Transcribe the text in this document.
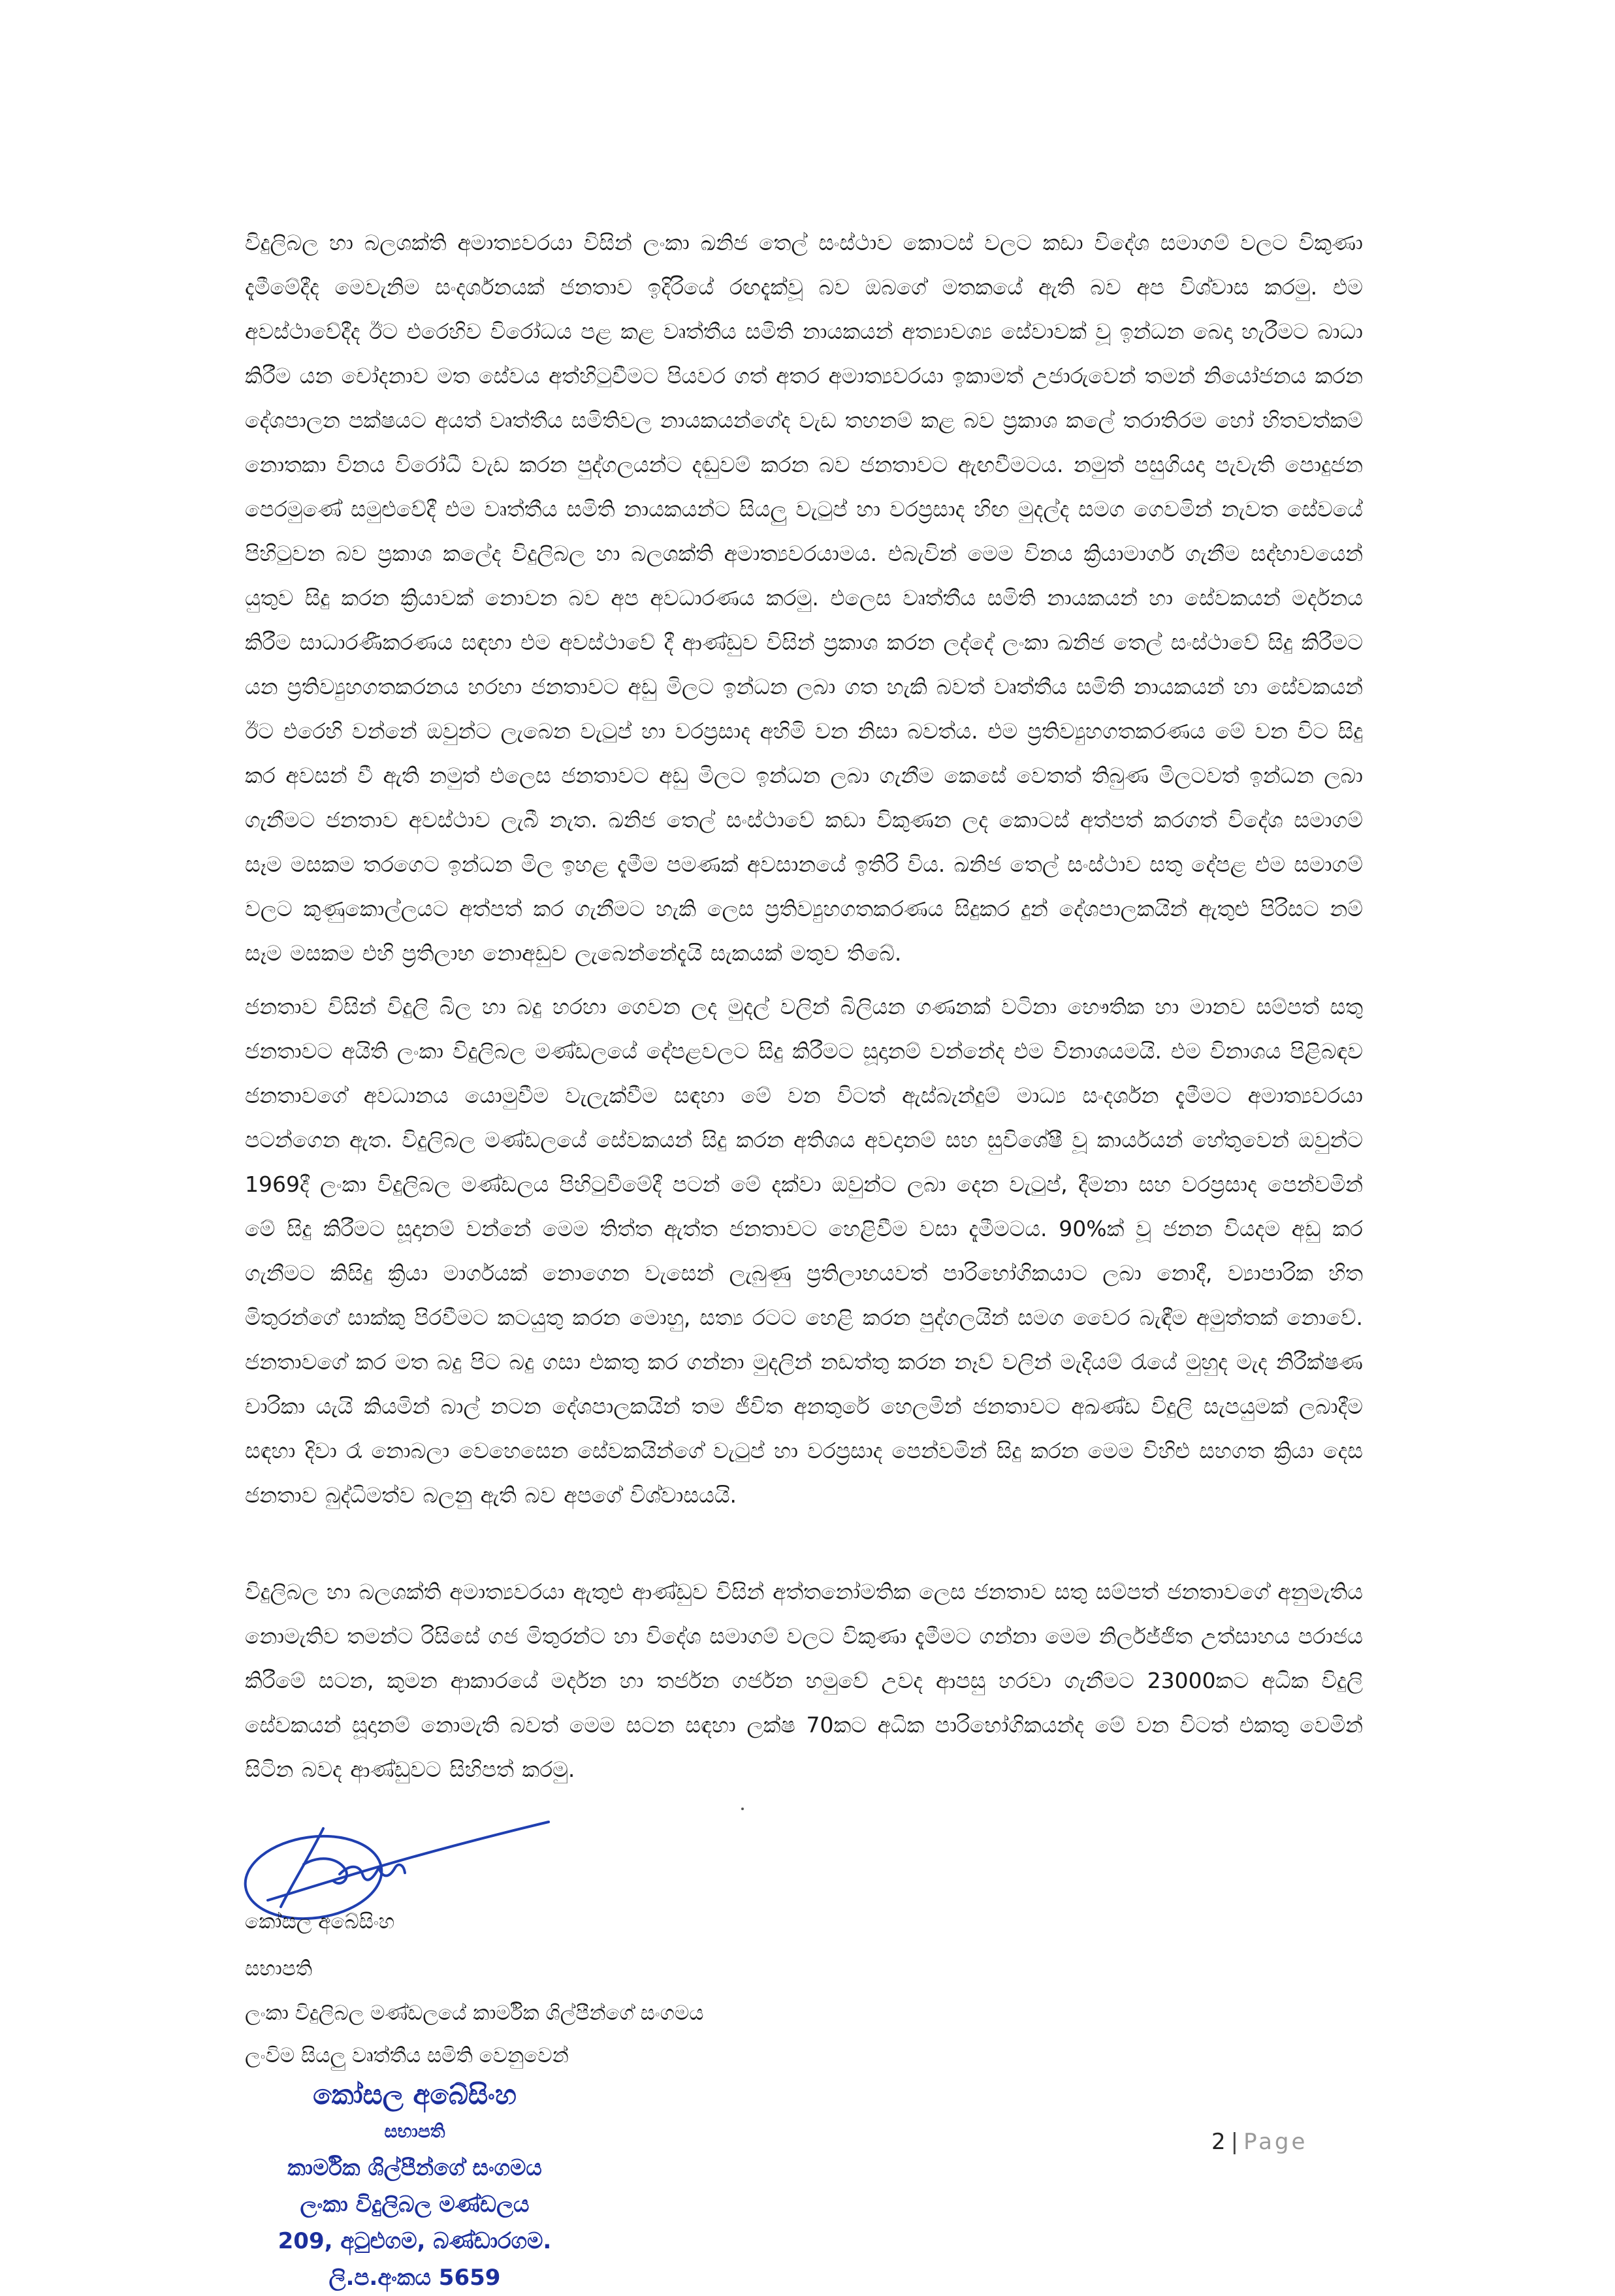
විදුලිබල හා බලශක්ති අමාත්‍යවරයා විසින් ලංකා ඛනිජ තෙල් සංස්ථාව කොටස් වලට කඩා විදේශ සමාගම් වලට විකුණා දැමීමේදීද මෙවැනිම සංදර්ශනයක් ජනතාව ඉදිරියේ රඟදැක්වූ බව ඔබගේ මතකයේ ඇති බව අප විශ්වාස කරමු. එම අවස්ථාවේදීද ඊට එරෙහිව විරෝධය පළ කළ වෘත්තීය සමිති නායකයන් අත්‍යාවශ්‍ය සේවාවක් වූ ඉන්ධන බෙදා හැරීමට බාධා කිරීම යන චෝදනාව මත සේවය අත්හිටුවීමට පියවර ගත් අතර අමාත්‍යවරයා ඉකාමත් උජාරුවෙන් තමන් නියෝජනය කරන දේශපාලන පක්ෂයට අයත් වෘත්තීය සමිතිවල නායකයන්ගේද වැඩ තහනම් කළ බව ප්‍රකාශ කලේ තරාතිරම හෝ හිතවත්කම් නොතකා විනය විරෝධී වැඩ කරන පුද්ගලයන්ට දඬුවම් කරන බව ජනතාවට ඇඟවීමටය. නමුත් පසුගියදා පැවැති පොදුජන පෙරමුණේ සමුළුවේදී එම වෘත්තීය සමිති නායකයන්ට සියලු වැටුප් හා වරප්‍රසාද හිඟ මුදල්ද සමග ගෙවමින් නැවත සේවයේ පිහිටුවන බව ප්‍රකාශ කලේද විදුලිබල හා බලශක්ති අමාත්‍යවරයාමය. එබැවින් මෙම විනය ක්‍රියාමාර්ග ගැනීම සද්භාවයෙන් යුතුව සිදු කරන ක්‍රියාවක් නොවන බව අප අවධාරණය කරමු. එලෙස වෘත්තීය සමිති නායකයන් හා සේවකයන් මර්දනය කිරීම සාධාරණීකරණය සඳහා එම අවස්ථාවේ දී ආණ්ඩුව විසින් ප්‍රකාශ කරන ලද්දේ ලංකා ඛනිජ තෙල් සංස්ථාවේ සිදු කිරීමට යන ප්‍රතිව්‍යුහගතකරනය හරහා ජනතාවට අඩු මිලට ඉන්ධන ලබා ගත හැකි බවත් වෘත්තීය සමිති නායකයන් හා සේවකයන් ඊට එරෙහි වන්නේ ඔවුන්ට ලැබෙන වැටුප් හා වරප්‍රසාද අහිමි වන නිසා බවත්ය. එම ප්‍රතිව්‍යුහගතකරණය මේ වන විට සිදු කර අවසන් වී ඇති නමුත් එලෙස ජනතාවට අඩු මිලට ඉන්ධන ලබා ගැනීම කෙසේ වෙතත් තිබුණ මිලටවත් ඉන්ධන ලබා ගැනීමට ජනතාව අවස්ථාව ලැබී නැත. ඛනිජ තෙල් සංස්ථාවේ කඩා විකුණන ලද කොටස් අත්පත් කරගත් විදේශ සමාගම් සෑම මසකම තරගෙට ඉන්ධන මිල ඉහළ දැමීම පමණක් අවසානයේ ඉතිරි විය. ඛනිජ තෙල් සංස්ථාව සතු දේපළ එම සමාගම් වලට කුණුකොල්ලයට අත්පත් කර ගැනීමට හැකි ලෙස ප්‍රතිව්‍යුහගතකරණය සිදුකර දුන් දේශපාලකයින් ඇතුළු පිරිසට නම් සෑම මසකම එහි ප්‍රතිලාභ නොඅඩුව ලැබෙන්නේදැයි සැකයක් මතුව තිබේ.

ජනතාව විසින් විදුලි බිල හා බදු හරහා ගෙවන ලද මුදල් වලින් බිලියන ගණනක් වටිනා භෞතික හා මානව සම්පත් සතු ජනතාවට අයිති ලංකා විදුලිබල මණ්ඩලයේ දේපළවලට සිදු කිරීමට සූදානම් වන්නේද එම විනාශයමයි. එම විනාශය පිළිබඳව ජනතාවගේ අවධානය යොමුවීම වැලැක්වීම සඳහා මේ වන විටත් ඇස්බැන්දුම් මාධ්‍ය සංදර්ශන දැමීමට අමාත්‍යවරයා පටන්ගෙන ඇත. විදුලිබල මණ්ඩලයේ සේවකයන් සිදු කරන අතිශය අවදානම් සහ සුවිශේෂී වූ කාර්යයන් හේතුවෙන් ඔවුන්ට 1969දී ලංකා විදුලිබල මණ්ඩලය පිහිටුවීමේදී පටන් මේ දක්වා ඔවුන්ට ලබා දෙන වැටුප්, දීමනා සහ වරප්‍රසාද පෙන්වමින් මේ සිදු කිරීමට සූදානම් වන්නේ මෙම තිත්ත ඇත්ත ජනතාවට හෙළිවීම වසා දැමීමටය. 90%ක් වූ ජනන වියදම අඩු කර ගැනීමට කිසිදු ක්‍රියා මාර්ගයක් නොගෙන වැසෙන් ලැබුණු ප්‍රතිලාභයවත් පාරිභෝගිකයාට ලබා නොදී, ව්‍යාපාරික හිත මිතුරන්ගේ සාක්කු පිරවීමට කටයුතු කරන මොහු, සත්‍ය රටට හෙළි කරන පුද්ගලයින් සමග වෛර බැඳීම අමුත්තක් නොවේ. ජනතාවගේ කර මත බදු පිට බදු ගසා එකතු කර ගන්නා මුදලින් නඩත්තු කරන නෑව් වලින් මැදියම් රැයේ මුහුද මැද නිරීක්ෂණ චාරිකා යැයි කියමින් බාල් නටන දේශපාලකයින් තම ජීවිත අනතුරේ හෙලමින් ජනතාවට අඛණ්ඩ විදුලි සැපයුමක් ලබාදීම සඳහා දිවා රෑ නොබලා වෙහෙසෙන සේවකයින්ගේ වැටුප් හා වරප්‍රසාද පෙන්වමින් සිදු කරන මෙම විහිළු සහගත ක්‍රියා දෙස ජනතාව බුද්ධිමත්ව බලනු ඇති බව අපගේ විශ්වාසයයි.

විදුලිබල හා බලශක්ති අමාත්‍යවරයා ඇතුළු ආණ්ඩුව විසින් අත්තනෝමතික ලෙස ජනතාව සතු සම්පත් ජනතාවගේ අනුමැතිය නොමැතිව තමන්ට රිසිසේ ගජ මිතුරන්ට හා විදේශ සමාගම් වලට විකුණා දැමීමට ගන්නා මෙම නිර්ලජ්ජිත උත්සාහය පරාජය කිරීමේ සටන, කුමන ආකාරයේ මර්දන හා තර්ජන ගර්ජන හමුවේ උවද ආපසු හරවා ගැනීමට 23000කට අධික විදුලි සේවකයන් සූදානම් නොමැති බවත් මෙම සටන සඳහා ලක්ෂ 70කට අධික පාරිභෝගිකයන්ද මේ වන විටත් එකතු වෙමින් සිටින බවද ආණ්ඩුවට සිහිපත් කරමු.

කෝසල අබේසිංහ

සභාපති

ලංකා විදුලිබල මණ්ඩලයේ කාර්මික ශිල්පීන්ගේ සංගමය

ලංවිම සියලු වෘත්තීය සමිති වෙනුවෙන්

කෝසල අබේසිංහ

සභාපති

කාර්මික ශිල්පීන්ගේ සංගමය

ලංකා විදුලිබල මණ්ඩලය

209, අටුළුගම, බණ්ඩාරගම.

ලි.ප.අංකය 5659

2 | Page
